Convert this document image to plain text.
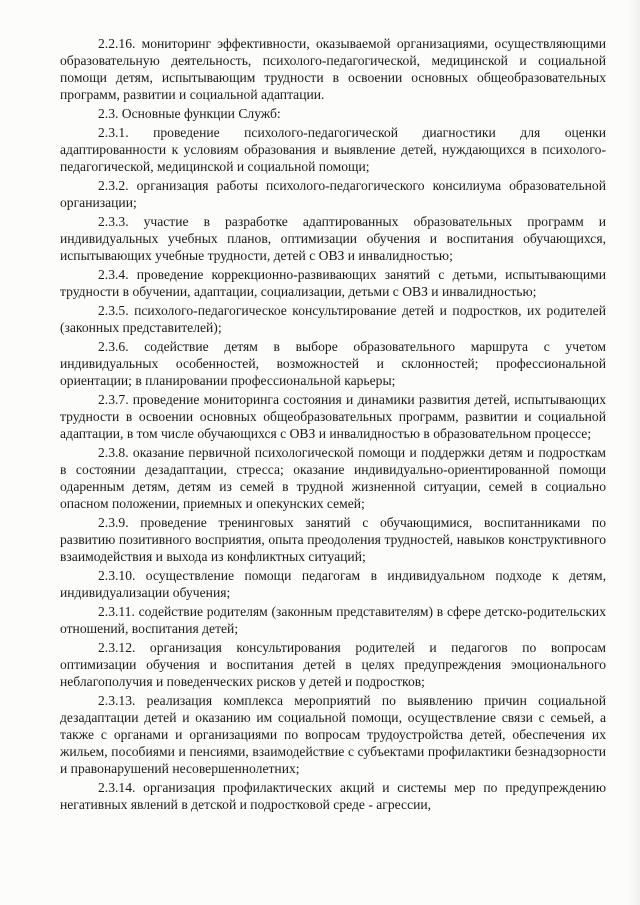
2.2.16. мониторинг эффективности, оказываемой организациями, осуществляющими образовательную деятельность, психолого-педагогической, медицинской и социальной помощи детям, испытывающим трудности в освоении основных общеобразовательных программ, развитии и социальной адаптации.

2.3. Основные функции Служб:

2.3.1. проведение психолого-педагогической диагностики для оценки адаптированности к условиям образования и выявление детей, нуждающихся в психолого-педагогической, медицинской и социальной помощи;

2.3.2. организация работы психолого-педагогического консилиума образовательной организации;

2.3.3. участие в разработке адаптированных образовательных программ и индивидуальных учебных планов, оптимизации обучения и воспитания обучающихся, испытывающих учебные трудности, детей с ОВЗ и инвалидностью;

2.3.4. проведение коррекционно-развивающих занятий с детьми, испытывающими трудности в обучении, адаптации, социализации, детьми с ОВЗ и инвалидностью;

2.3.5. психолого-педагогическое консультирование детей и подростков, их родителей (законных представителей);

2.3.6. содействие детям в выборе образовательного маршрута с учетом индивидуальных особенностей, возможностей и склонностей; профессиональной ориентации; в планировании профессиональной карьеры;

2.3.7. проведение мониторинга состояния и динамики развития детей, испытывающих трудности в освоении основных общеобразовательных программ, развитии и социальной адаптации, в том числе обучающихся с ОВЗ и инвалидностью в образовательном процессе;

2.3.8. оказание первичной психологической помощи и поддержки детям и подросткам в состоянии дезадаптации, стресса; оказание индивидуально-ориентированной помощи одаренным детям, детям из семей в трудной жизненной ситуации, семей в социально опасном положении, приемных и опекунских семей;

2.3.9. проведение тренинговых занятий с обучающимися, воспитанниками по развитию позитивного восприятия, опыта преодоления трудностей, навыков конструктивного взаимодействия и выхода из конфликтных ситуаций;

2.3.10. осуществление помощи педагогам в индивидуальном подходе к детям, индивидуализации обучения;

2.3.11. содействие родителям (законным представителям) в сфере детско-родительских отношений, воспитания детей;

2.3.12. организация консультирования родителей и педагогов по вопросам оптимизации обучения и воспитания детей в целях предупреждения эмоционального неблагополучия и поведенческих рисков у детей и подростков;

2.3.13. реализация комплекса мероприятий по выявлению причин социальной дезадаптации детей и оказанию им социальной помощи, осуществление связи с семьей, а также с органами и организациями по вопросам трудоустройства детей, обеспечения их жильем, пособиями и пенсиями, взаимодействие с субъектами профилактики безнадзорности и правонарушений несовершеннолетних;

2.3.14. организация профилактических акций и системы мер по предупреждению негативных явлений в детской и подростковой среде - агрессии,
